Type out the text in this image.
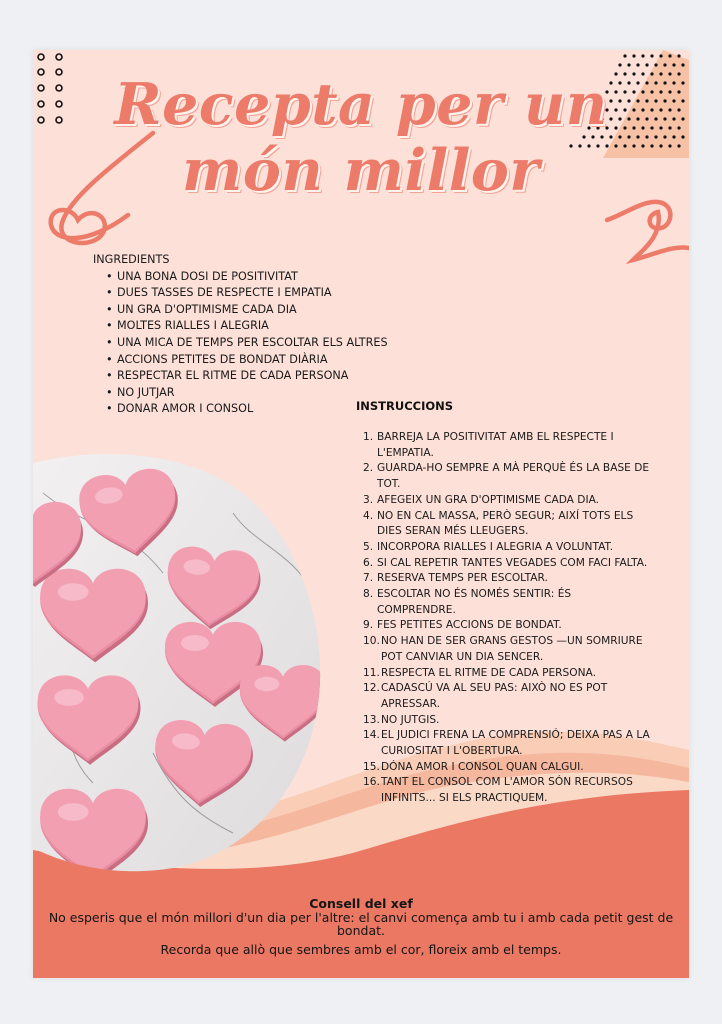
Recepta per un
món millor
INGREDIENTS
• UNA BONA DOSI DE POSITIVITAT
• DUES TASSES DE RESPECTE I EMPATIA
• UN GRA D'OPTIMISME CADA DIA
• MOLTES RIALLES I ALEGRIA
• UNA MICA DE TEMPS PER ESCOLTAR ELS ALTRES
• ACCIONS PETITES DE BONDAT DIÀRIA
• RESPECTAR EL RITME DE CADA PERSONA
• NO JUTJAR
• DONAR AMOR I CONSOL	INSTRUCCIONS
1. BARREJA LA POSITIVITAT AMB EL RESPECTE I L'EMPATIA.
2. GUARDA-HO SEMPRE A MÀ PERQUÈ ÉS LA BASE DE TOT.
3. AFEGEIX UN GRA D'OPTIMISME CADA DIA.
4. NO EN CAL MASSA, PERÒ SEGUR; AIXÍ TOTS ELS DIES SERAN MÉS LLEUGERS.
5. INCORPORA RIALLES I ALEGRIA A VOLUNTAT.
6. SI CAL REPETIR TANTES VEGADES COM FACI FALTA.
7. RESERVA TEMPS PER ESCOLTAR.
8. ESCOLTAR NO ÉS NOMÉS SENTIR: ÉS COMPRENDRE.
9. FES PETITES ACCIONS DE BONDAT.
10. NO HAN DE SER GRANS GESTOS —UN SOMRIURE POT CANVIAR UN DIA SENCER.
11. RESPECTA EL RITME DE CADA PERSONA.
12. CADASCÚ VA AL SEU PAS: AIXÒ NO ES POT APRESSAR.
13. NO JUTGIS.
14. EL JUDICI FRENA LA COMPRENSIÓ; DEIXA PAS A LA CURIOSITAT I L'OBERTURA.
15. DÓNA AMOR I CONSOL QUAN CALGUI.
16. TANT EL CONSOL COM L'AMOR SÓN RECURSOS INFINITS... SI ELS PRACTIQUEM.
Consell del xef
No esperis que el món millori d'un dia per l'altre: el canvi comença amb tu i amb cada petit gest de bondat.
Recorda que allò que sembres amb el cor, floreix amb el temps.
